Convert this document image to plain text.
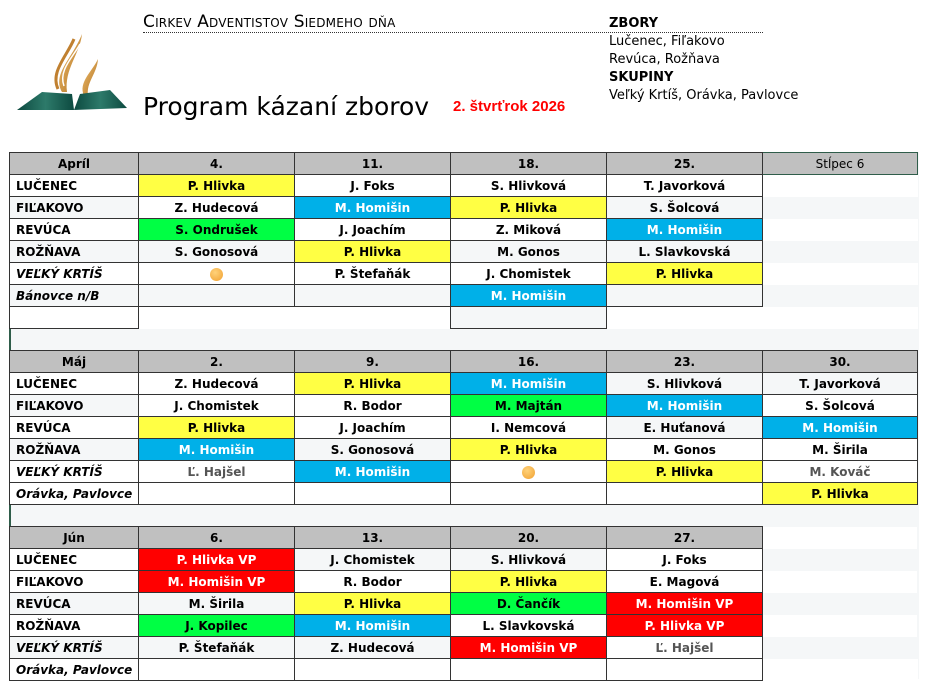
Cirkev Adventistov Siedmeho dňa
Program kázaní zborov 2. štvrťrok 2026
ZBORY
Lučenec, Fiľakovo
Revúca, Rožňava
SKUPINY
Veľký Krtíš, Orávka, Pavlovce
Apríl	4.	11.	18.	25.	Stĺpec 6
LUČENEC	P. Hlivka	J. Foks	S. Hlivková	T. Javorková	
FIĽAKOVO	Z. Hudecová	M. Homišin	P. Hlivka	S. Šolcová	
REVÚCA	S. Ondrušek	J. Joachím	Z. Miková	M. Homišin	
ROŽŇAVA	S. Gonosová	P. Hlivka	M. Gonos	L. Slavkovská	
VEĽKÝ KRTÍŠ		P. Štefaňák	J. Chomistek	P. Hlivka	
Bánovce n/B			M. Homišin		

Máj	2.	9.	16.	23.	30.
LUČENEC	Z. Hudecová	P. Hlivka	M. Homišin	S. Hlivková	T. Javorková
FIĽAKOVO	J. Chomistek	R. Bodor	M. Majtán	M. Homišin	S. Šolcová
REVÚCA	P. Hlivka	J. Joachím	I. Nemcová	E. Huťanová	M. Homišin
ROŽŇAVA	M. Homišin	S. Gonosová	P. Hlivka	M. Gonos	M. Širila
VEĽKÝ KRTÍŠ	Ľ. Hajšel	M. Homišin		P. Hlivka	M. Kováč
Orávka, Pavlovce					P. Hlivka
Jún	6.	13.	20.	27.	
LUČENEC	P. Hlivka VP	J. Chomistek	S. Hlivková	J. Foks	
FIĽAKOVO	M. Homišin VP	R. Bodor	P. Hlivka	E. Magová	
REVÚCA	M. Širila	P. Hlivka	D. Čančík	M. Homišin VP	
ROŽŇAVA	J. Kopilec	M. Homišin	L. Slavkovská	P. Hlivka VP	
VEĽKÝ KRTÍŠ	P. Štefaňák	Z. Hudecová	M. Homišin VP	Ľ. Hajšel	
Orávka, Pavlovce					
